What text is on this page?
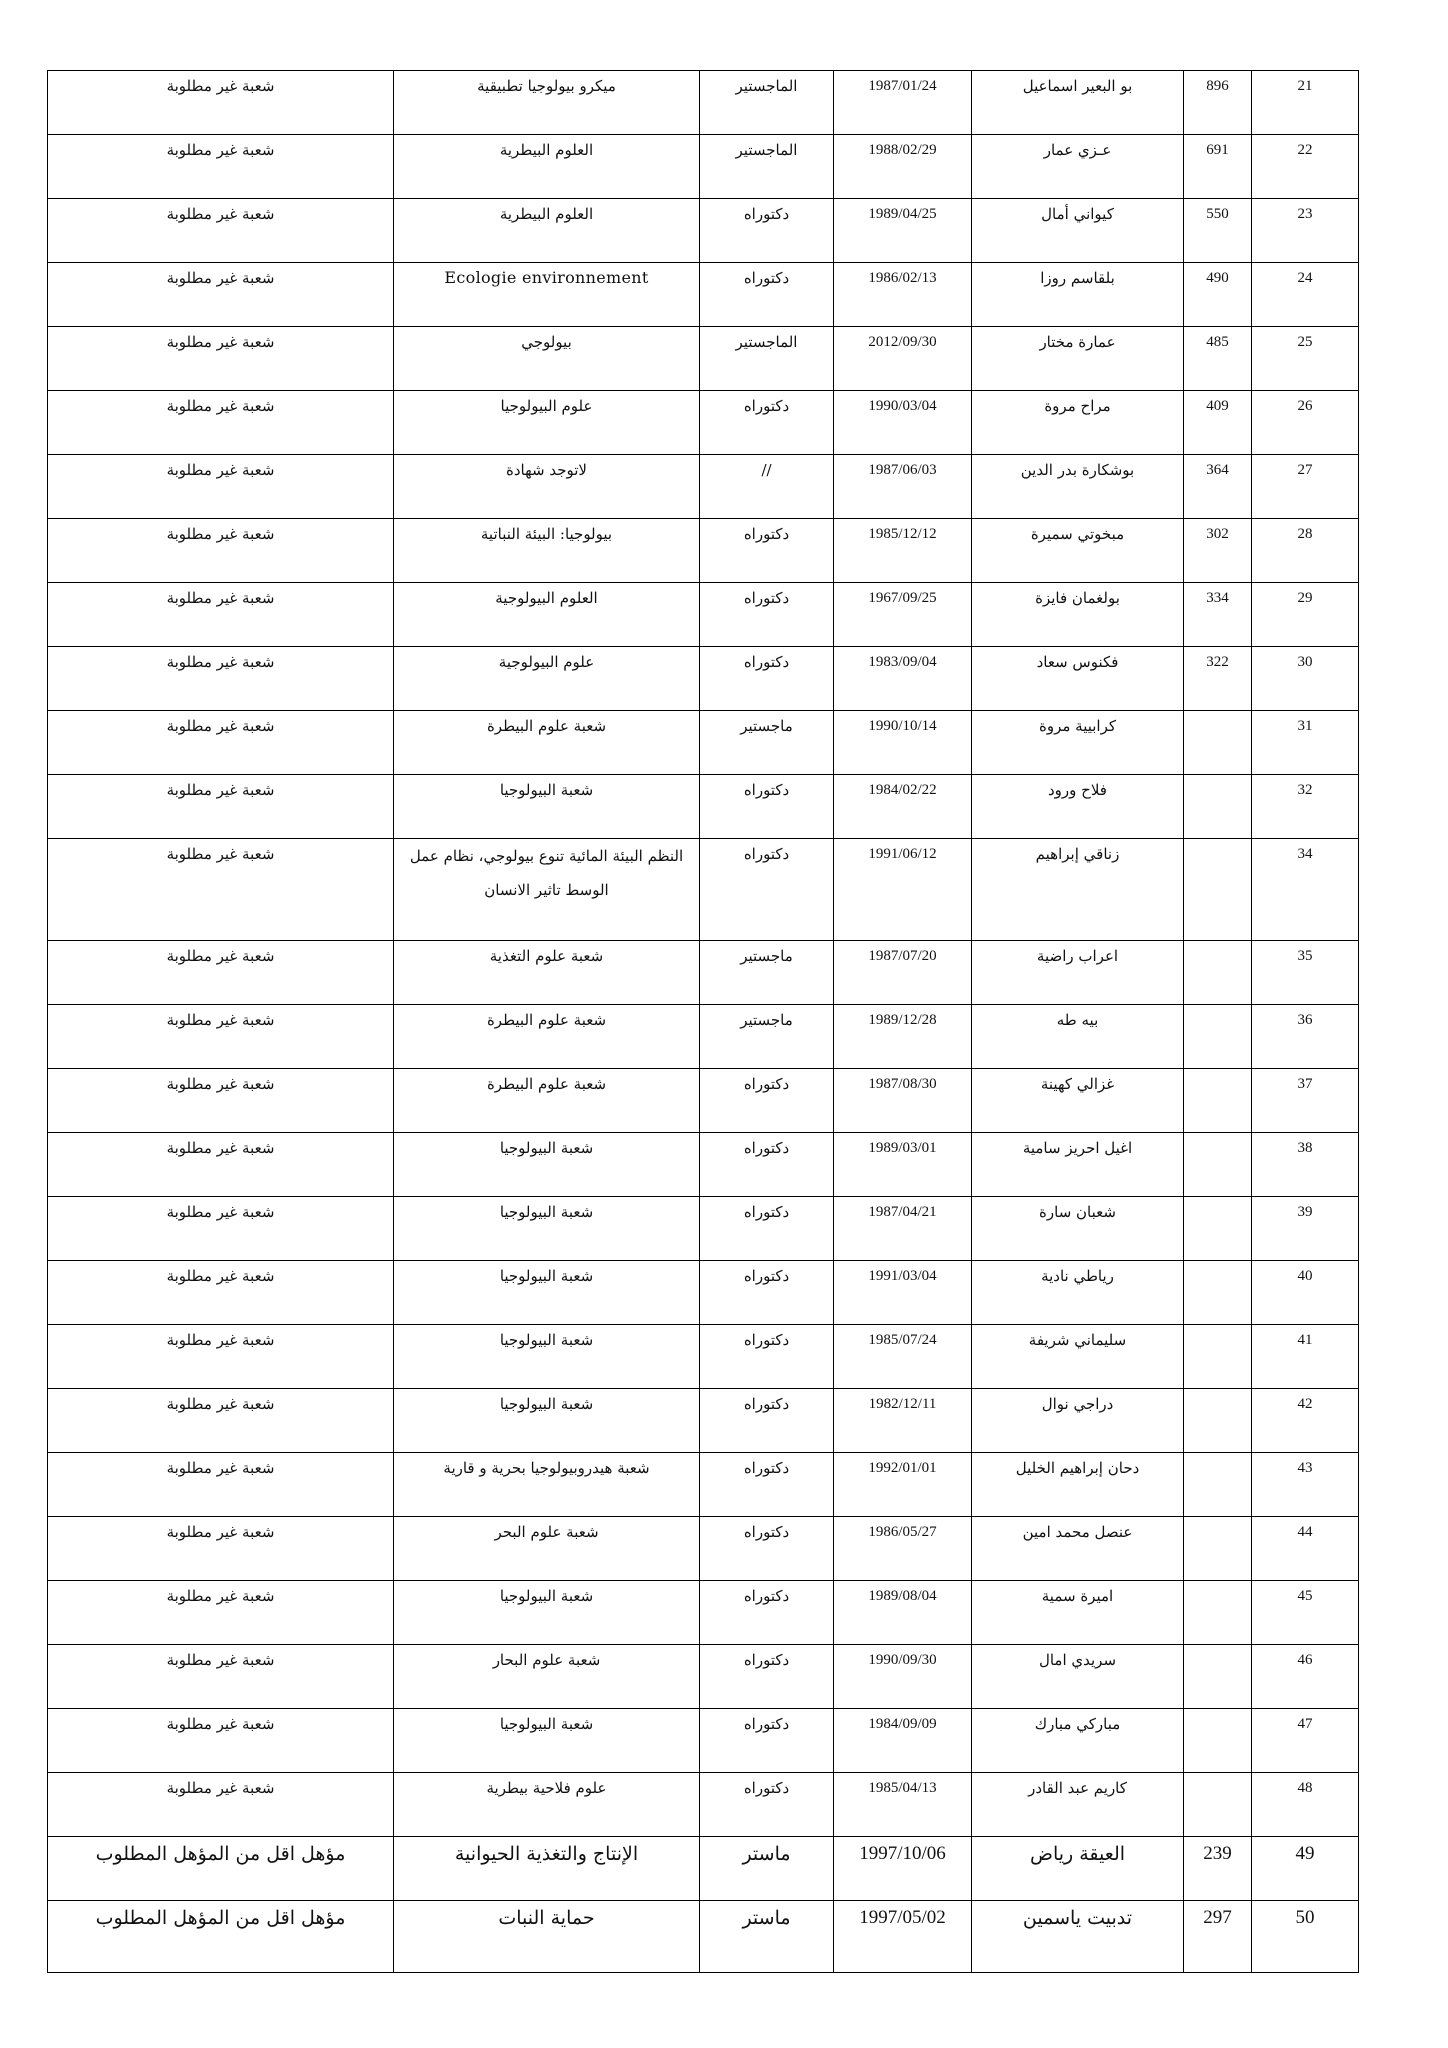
شعبة غير مطلوبة	ميكرو بيولوجيا تطبيقية	الماجستير	1987/01/24	بو البعير اسماعيل	896	21

شعبة غير مطلوبة	العلوم البيطرية	الماجستير	1988/02/29	عـزي عمار	691	22

شعبة غير مطلوبة	العلوم البيطرية	دكتوراه	1989/04/25	كيواني أمال	550	23

شعبة غير مطلوبة	Ecologie environnement	دكتوراه	1986/02/13	بلقاسم روزا	490	24

شعبة غير مطلوبة	بيولوجي	الماجستير	2012/09/30	عمارة مختار	485	25

شعبة غير مطلوبة	علوم البيولوجيا	دكتوراه	1990/03/04	مراح مروة	409	26

شعبة غير مطلوبة	لاتوجد شهادة	//	1987/06/03	بوشكارة بدر الدين	364	27

شعبة غير مطلوبة	بيولوجيا: البيئة النباتية	دكتوراه	1985/12/12	مبخوتي سميرة	302	28

شعبة غير مطلوبة	العلوم البيولوجية	دكتوراه	1967/09/25	بولغمان فايزة	334	29

شعبة غير مطلوبة	علوم البيولوجية	دكتوراه	1983/09/04	فكنوس سعاد	322	30

شعبة غير مطلوبة	شعبة علوم البيطرة	ماجستير	1990/10/14	كرابيية مروة		31

شعبة غير مطلوبة	شعبة البيولوجيا	دكتوراه	1984/02/22	فلاح ورود		32

شعبة غير مطلوبة	النظم البيئة المائية تنوع بيولوجي، نظام عمل الوسط تاثير الانسان	دكتوراه	1991/06/12	زناقي إبراهيم		34

شعبة غير مطلوبة	شعبة علوم التغذية	ماجستير	1987/07/20	اعراب راضية		35

شعبة غير مطلوبة	شعبة علوم البيطرة	ماجستير	1989/12/28	بيه طه		36

شعبة غير مطلوبة	شعبة علوم البيطرة	دكتوراه	1987/08/30	غزالي كهينة		37

شعبة غير مطلوبة	شعبة البيولوجيا	دكتوراه	1989/03/01	اغيل احريز سامية		38

شعبة غير مطلوبة	شعبة البيولوجيا	دكتوراه	1987/04/21	شعبان سارة		39

شعبة غير مطلوبة	شعبة البيولوجيا	دكتوراه	1991/03/04	رياطي نادية		40

شعبة غير مطلوبة	شعبة البيولوجيا	دكتوراه	1985/07/24	سليماني شريفة		41

شعبة غير مطلوبة	شعبة البيولوجيا	دكتوراه	1982/12/11	دراجي نوال		42

شعبة غير مطلوبة	شعبة هيدروبيولوجيا بحرية و قارية	دكتوراه	1992/01/01	دحان إبراهيم الخليل		43

شعبة غير مطلوبة	شعبة علوم البحر	دكتوراه	1986/05/27	عنصل محمد امين		44

شعبة غير مطلوبة	شعبة البيولوجيا	دكتوراه	1989/08/04	اميرة سمية		45

شعبة غير مطلوبة	شعبة علوم البحار	دكتوراه	1990/09/30	سريدي امال		46

شعبة غير مطلوبة	شعبة البيولوجيا	دكتوراه	1984/09/09	مباركي مبارك		47

شعبة غير مطلوبة	علوم فلاحية بيطرية	دكتوراه	1985/04/13	كاريم عبد القادر		48

مؤهل اقل من المؤهل المطلوب	الإنتاج والتغذية الحيوانية	ماستر	1997/10/06	العيقة رياض	239	49

مؤهل اقل من المؤهل المطلوب	حماية النبات	ماستر	1997/05/02	تدبيت ياسمين	297	50
